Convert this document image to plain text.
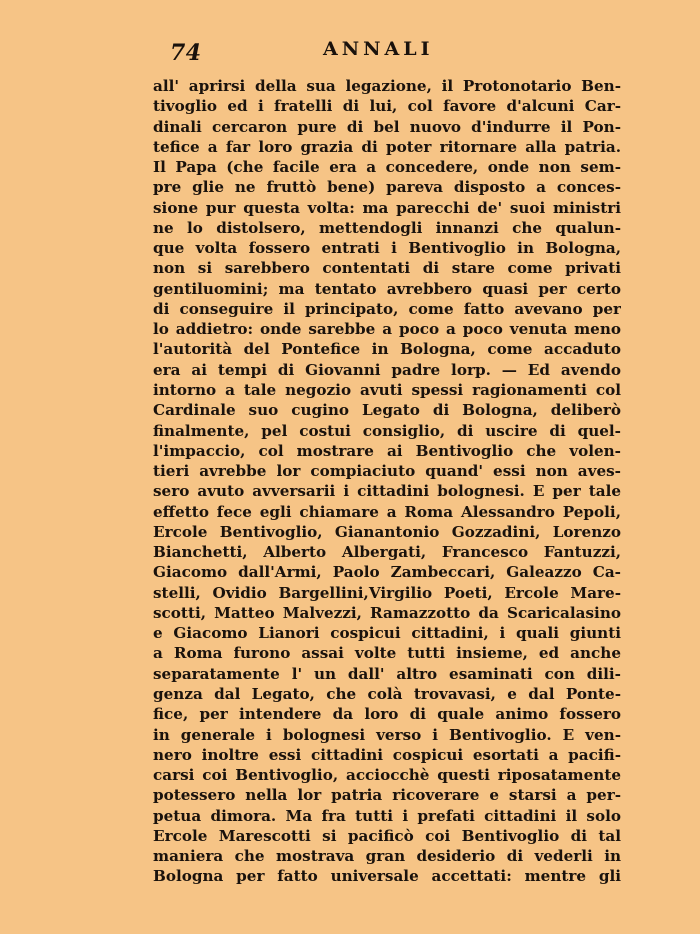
74	ANNALI
all' aprirsi della sua legazione, il Protonotario Ben-
tivoglio ed i fratelli di lui, col favore d'alcuni Car-
dinali cercaron pure di bel nuovo d'indurre il Pon-
tefice a far loro grazia di poter ritornare alla patria.
Il Papa (che facile era a concedere, onde non sem-
pre glie ne fruttò bene) pareva disposto a conces-
sione pur questa volta: ma parecchi de' suoi ministri
ne lo distolsero, mettendogli innanzi che qualun-
que volta fossero entrati i Bentivoglio in Bologna,
non si sarebbero contentati di stare come privati
gentiluomini; ma tentato avrebbero quasi per certo
di conseguire il principato, come fatto avevano per
lo addietro: onde sarebbe a poco a poco venuta meno
l'autorità del Pontefice in Bologna, come accaduto
era ai tempi di Giovanni padre lorp. — Ed avendo
intorno a tale negozio avuti spessi ragionamenti col
Cardinale suo cugino Legato di Bologna, deliberò
finalmente, pel costui consiglio, di uscire di quel-
l'impaccio, col mostrare ai Bentivoglio che volen-
tieri avrebbe lor compiaciuto quand' essi non aves-
sero avuto avversarii i cittadini bolognesi. E per tale
effetto fece egli chiamare a Roma Alessandro Pepoli,
Ercole Bentivoglio, Gianantonio Gozzadini, Lorenzo
Bianchetti, Alberto Albergati, Francesco Fantuzzi,
Giacomo dall'Armi, Paolo Zambeccari, Galeazzo Ca-
stelli, Ovidio Bargellini,Virgilio Poeti, Ercole Mare-
scotti, Matteo Malvezzi, Ramazzotto da Scaricalasino
e Giacomo Lianori cospicui cittadini, i quali giunti
a Roma furono assai volte tutti insieme, ed anche
separatamente l' un dall' altro esaminati con dili-
genza dal Legato, che colà trovavasi, e dal Ponte-
fice, per intendere da loro di quale animo fossero
in generale i bolognesi verso i Bentivoglio. E ven-
nero inoltre essi cittadini cospicui esortati a pacifi-
carsi coi Bentivoglio, acciocchè questi riposatamente
potessero nella lor patria ricoverare e starsi a per-
petua dimora. Ma fra tutti i prefati cittadini il solo
Ercole Marescotti si pacificò coi Bentivoglio di tal
maniera che mostrava gran desiderio di vederli in
Bologna per fatto universale accettati: mentre gli
